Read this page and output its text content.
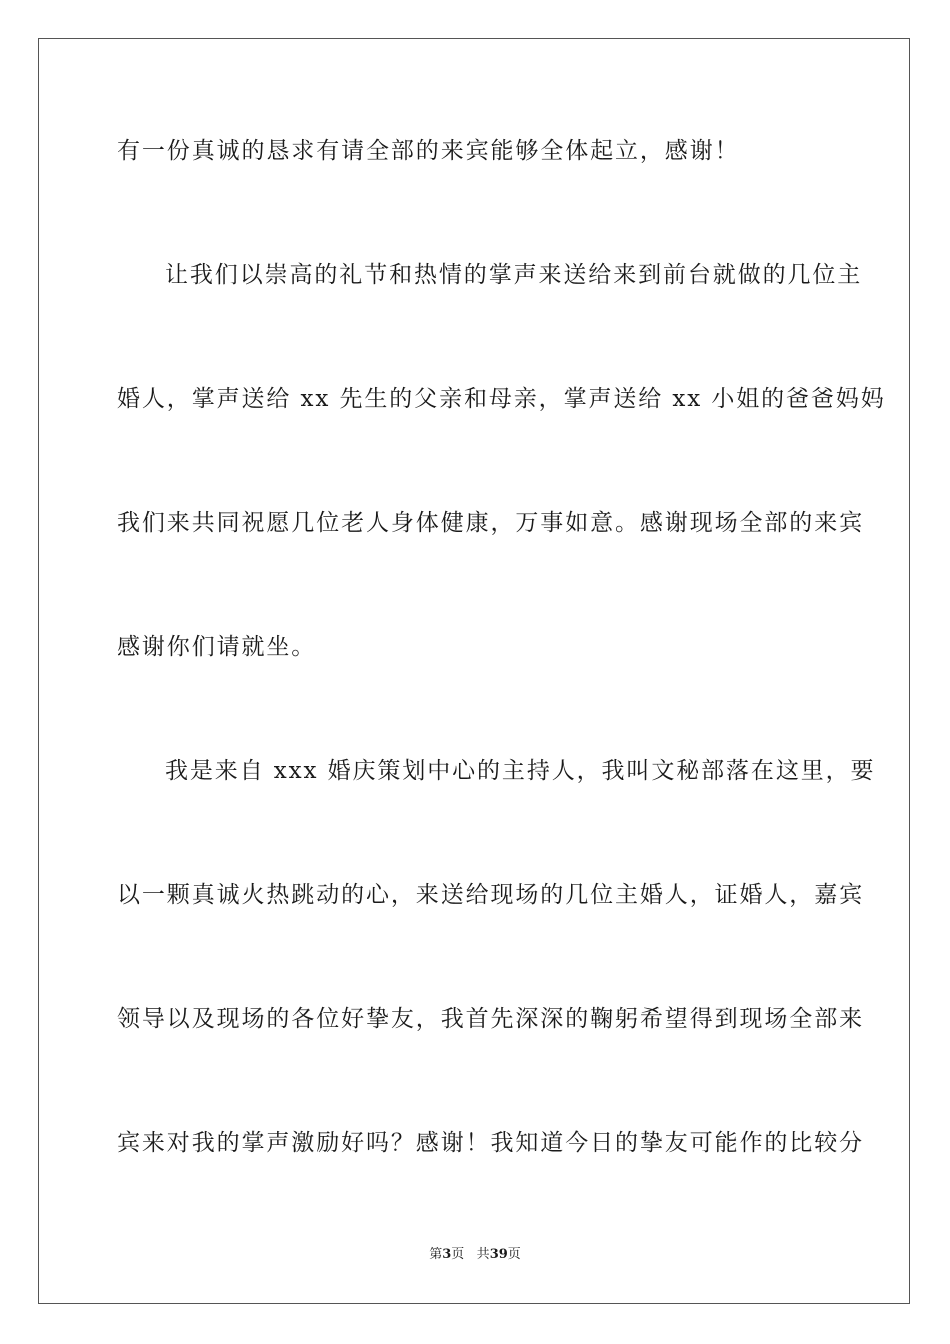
有一份真诚的恳求有请全部的来宾能够全体起立，感谢！

让我们以崇高的礼节和热情的掌声来送给来到前台就做的几位主

婚人，掌声送给 xx 先生的父亲和母亲，掌声送给 xx 小姐的爸爸妈妈

我们来共同祝愿几位老人身体健康，万事如意。感谢现场全部的来宾

感谢你们请就坐。

我是来自 xxx 婚庆策划中心的主持人，我叫文秘部落在这里，要

以一颗真诚火热跳动的心，来送给现场的几位主婚人，证婚人，嘉宾

领导以及现场的各位好挚友，我首先深深的鞠躬希望得到现场全部来

宾来对我的掌声激励好吗？感谢！我知道今日的挚友可能作的比较分

第3页 共39页
